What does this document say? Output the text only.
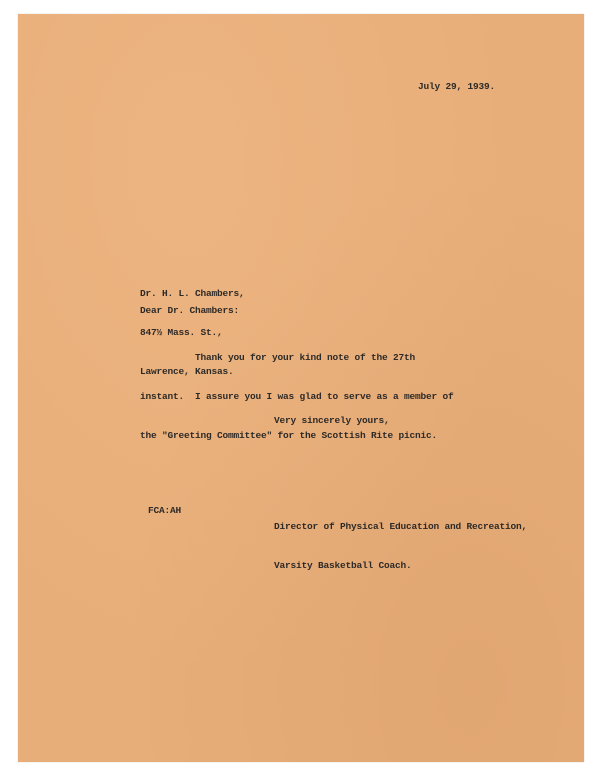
July 29, 1939.

Dr. H. L. Chambers,

847½ Mass. St.,

Lawrence, Kansas.

Dear Dr. Chambers:

Thank you for your kind note of the 27th

instant.  I assure you I was glad to serve as a member of

the "Greeting Committee" for the Scottish Rite picnic.

Very sincerely yours,

FCA:AH

Director of Physical Education and Recreation,

Varsity Basketball Coach.
